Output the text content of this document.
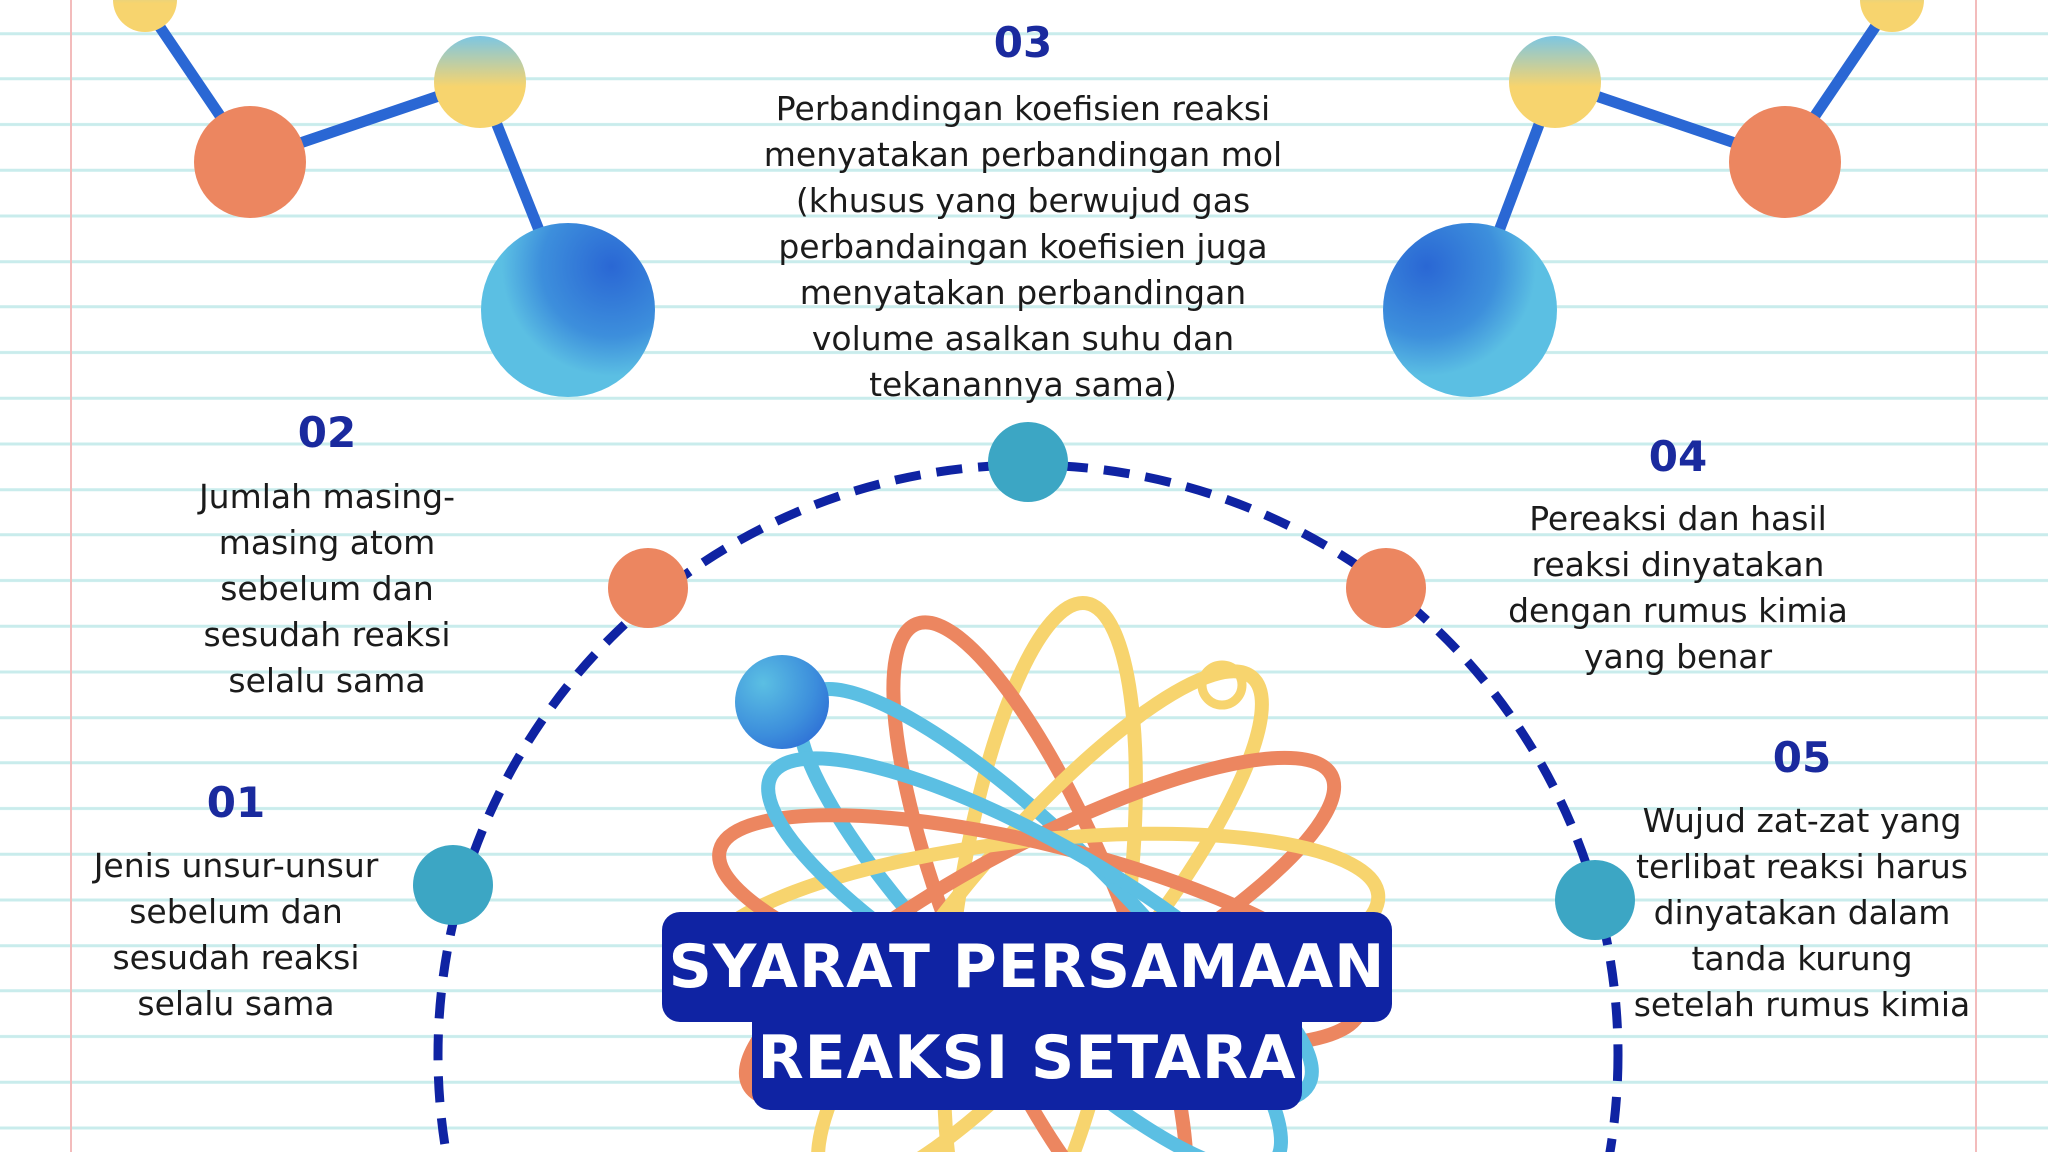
03
Perbandingan koefisien reaksi menyatakan perbandingan mol (khusus yang berwujud gas perbandaingan koefisien juga menyatakan perbandingan volume asalkan suhu dan tekanannya sama)
02
Jumlah masing-masing atom sebelum dan sesudah reaksi selalu sama
04
Pereaksi dan hasil reaksi dinyatakan dengan rumus kimia yang benar
01
Jenis unsur-unsur sebelum dan sesudah reaksi selalu sama
05
Wujud zat-zat yang terlibat reaksi harus dinyatakan dalam tanda kurung setelah rumus kimia
SYARAT PERSAMAAN
REAKSI SETARA
